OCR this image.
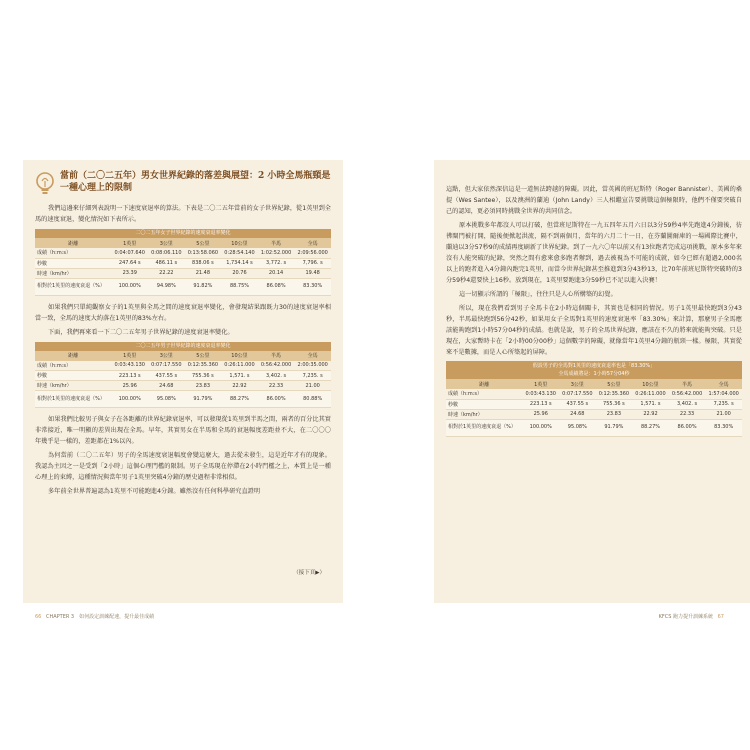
當前（二〇二五年）男女世界紀錄的落差與展望：2 小時全馬瓶頸是一種心理上的限制

我們這邊來仔細列表說明一下速度衰退率的算法。下表是二〇二五年當前的女子世界紀錄，從1英里到全馬的速度衰退，變化情況如下表所示。

二〇二五年女子世界紀錄的速度衰退率變化
距離	1英里	3公里	5公里	10公里	半馬	全馬
成績（h:m:s）	0:04:07.640	0:08:06.110	0:13:58.060	0:28:54.140	1:02:52.000	2:09:56.000
秒數	247.64 s	486.11 s	838.06 s	1,734.14 s	3,772. s	7,796. s
時速（km/hr）	23.39	22.22	21.48	20.76	20.14	19.48
相對於1英里的速度衰退（%）	100.00%	94.98%	91.82%	88.75%	86.08%	83.30%

如果我們只單純觀察女子的1英里與全馬之間的速度衰退率變化，會發現結果跟既力30的速度衰退率相當一致，全馬的速度大約落在1英里的83%左右。

下面，我們再來看一下二〇二五年男子世界紀錄的速度衰退率變化。

二〇二五年男子世界紀錄的速度衰退率變化
距離	1英里	3公里	5公里	10公里	半馬	全馬
成績（h:m:s）	0:03:43.130	0:07:17.550	0:12:35.360	0:26:11.000	0:56:42.000	2:00:35.000
秒數	223.13 s	437.55 s	755.36 s	1,571. s	3,402. s	7,235. s
時速（km/hr）	25.96	24.68	23.83	22.92	22.33	21.00
相對於1英里的速度衰退（%）	100.00%	95.08%	91.79%	88.27%	86.00%	80.88%

如果我們比較男子與女子在各距離的世界紀錄衰退率，可以發現從1英里到半馬之間，兩者的百分比其實非常接近，唯一明顯的差異出現在全馬。早年，其實男女在半馬和全馬的衰退幅度差距並不大，在二〇〇〇年幾乎是一樣的，差距都在1%以內。

為何當前（二〇二五年）男子的全馬速度衰退幅度會變這麼大，過去從未發生，這是近年才有的現象。我認為主因之一是受到「2小時」這個心理門檻的限制。男子全馬現在停滯在2小時門檻之上，本質上是一種心理上的束縛，這種情況與當年男子1英里突破4分鐘的歷史過程非常相似。

多年前全世界普遍認為1英里不可能跑進4分鐘。雖然沒有任何科學研究直證明

（接下頁▶）

這點，但大家依然深信這是一道無法跨越的障礙。因此，當英國的班尼斯特（Roger Bannister）、美國的桑提（Wes Santee），以及澳洲的蘭迪（John Landy）三人相繼宣告要挑戰這個極限時，他們不僅要突破自己的認知，更必須同時挑戰全世界的共同信念。

原本挑戰多年都沒人可以打破，但當班尼斯特在一九五四年五月六日以3分59秒4率先跑進4分鐘後，彷彿閘門被打開，隨後便掀起洪流，隔不到兩個月，當年的六月二十一日，在芬蘭圖爾庫的一場國際比賽中，蘭迪以3分57秒9的成績再度刷新了世界紀錄。到了一九六〇年以前又有13位跑者完成這項挑戰，原本多年來沒有人能突破的紀錄，突然之間有愈來愈多跑者辦到，過去被視為不可能的成就，如今已經有超過2,000名以上的跑者進入4分鐘內跑完1英里，而當今世界紀錄甚至推進到3分43秒13，比70年前班尼斯特突破時的3分59秒4還要快上16秒。放到現在，1英里要跑進3分59秒已不足以進入決賽！

這一切顯示所謂的「極限」，往往只是人心所構築的幻覺。

所以，現在我們看到男子全馬卡在2小時這個關卡，其實也是相同的情況。男子1英里最快跑到3分43秒，半馬最快跑到56分42秒，如果用女子全馬對1英里的速度衰退率「83.30%」來計算，那麼男子全馬應該能夠跑到1小時57分04秒的成績。也就是說，男子的全馬世界紀錄，應該在不久的將來就能夠突破。只是現在，大家暫時卡在「2小時00分00秒」這個數字的障礙，就像當年1英里4分鐘的瓶頸一樣。極限，其實從來不是數據，而是人心所築起的屏障。

假設男子的全馬對1英里的速度衰退率也是「83.30%」
全馬成績將是：1小時57分04秒
距離	1英里	3公里	5公里	10公里	半馬	全馬
成績（h:m:s）	0:03:43.130	0:07:17.550	0:12:35.360	0:26:11.000	0:56:42.000	1:57:04.000
秒數	223.13 s	437.55 s	755.36 s	1,571. s	3,402. s	7,235. s
時速（km/hr）	25.96	24.68	23.83	22.92	22.33	21.00
相對於1英里的速度衰退（%）	100.00%	95.08%	91.79%	88.27%	86.00%	83.30%
66 CHAPTER 3　如何設定訓練配速，提升最佳成績	KFCS 跑力提升訓練系統 67
